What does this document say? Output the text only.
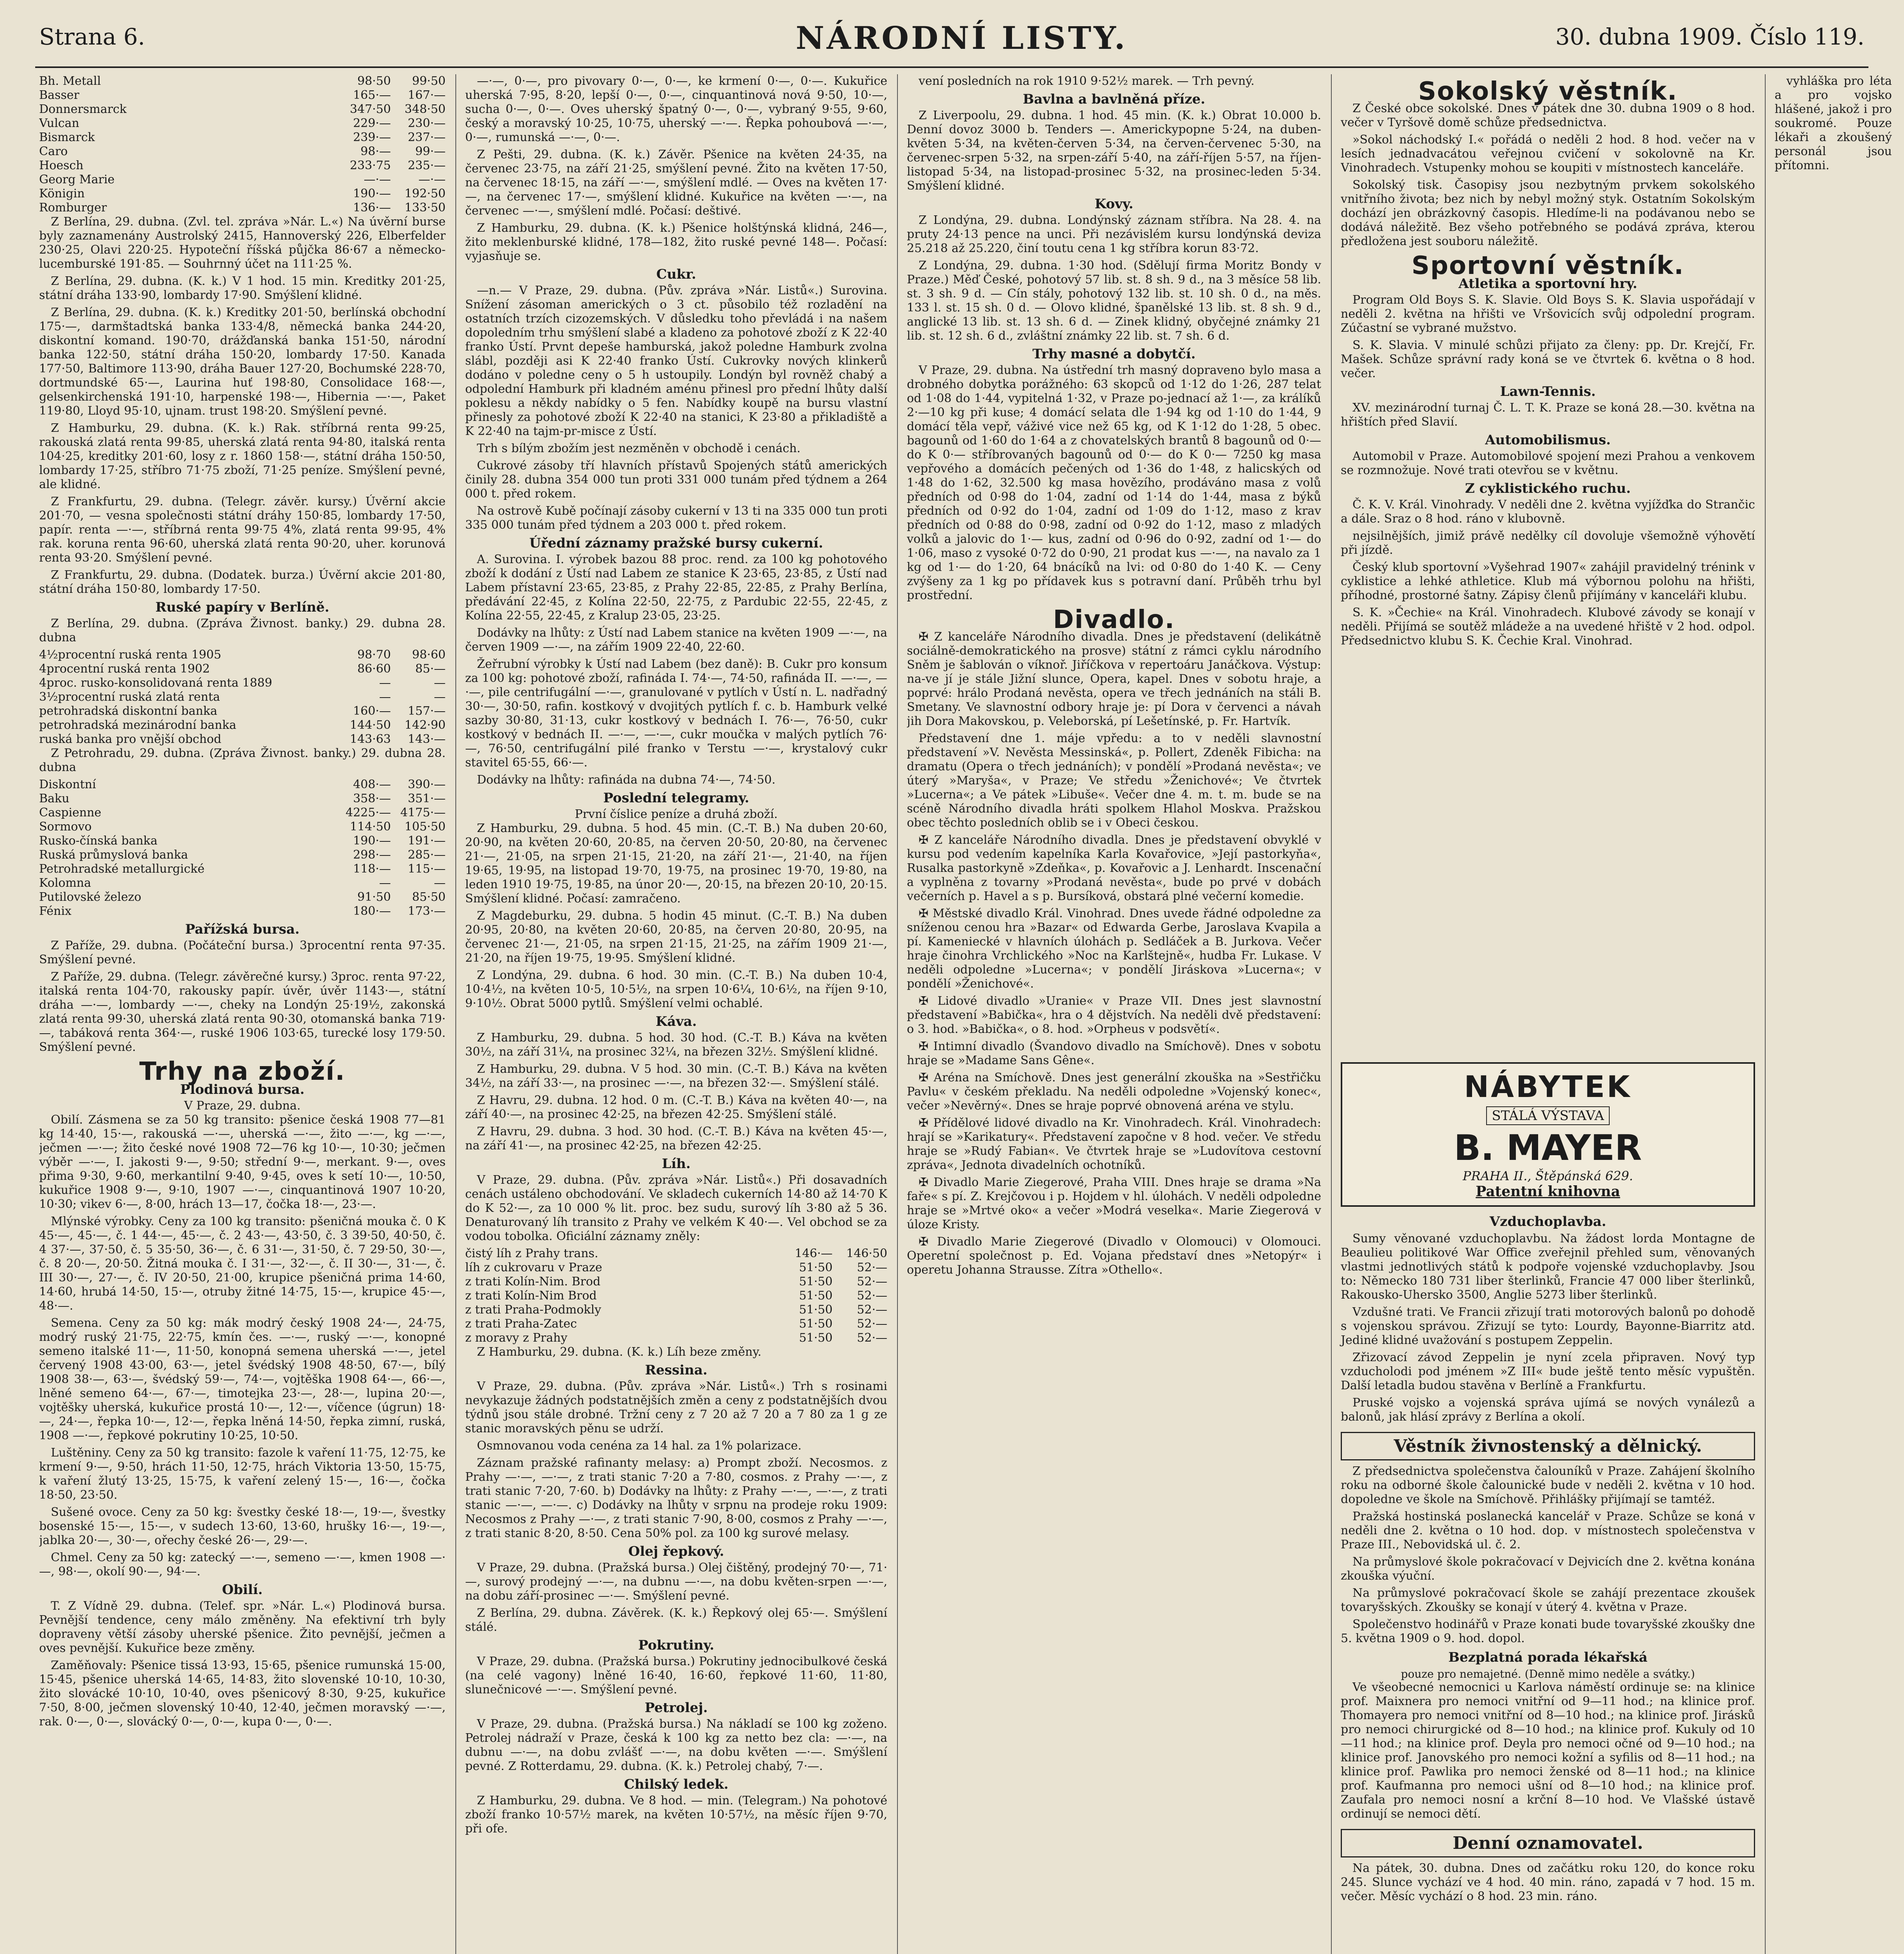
Strana 6.	NÁRODNÍ LISTY.	30. dubna 1909. Číslo 119.
Bh. Metall	98·50	99·50
Basser	165·—	167·—
Donnersmarck	347·50	348·50
Vulcan	229·—	230·—
Bismarck	239·—	237·—
Caro	98·—	99·—
Hoesch	233·75	235·—
Georg Marie	—·—	—·—
Königin	190·—	192·50
Romburger	136·—	133·50

Z Berlína, 29. dubna. (Zvl. tel. zpráva »Nár. L.«) Na úvěrní burse byly zaznamenány Austrolský 2415, Hannoverský 226, Elberfelder 230·25, Olavi 220·25. Hypoteční říšská půjčka 86·67 a německo-lucemburské 191·85. — Souhrnný účet na 111·25 %.

Z Berlína, 29. dubna. (K. k.) V 1 hod. 15 min. Kreditky 201·25, státní dráha 133·90, lombardy 17·90. Smýšlení klidné.

Z Berlína, 29. dubna. (K. k.) Kreditky 201·50, berlínská obchodní 175·—, darmštadtská banka 133·4/8, německá banka 244·20, diskontní komand. 190·70, drážďanská banka 151·50, národní banka 122·50, státní dráha 150·20, lombardy 17·50. Kanada 177·50, Baltimore 113·90, dráha Bauer 127·20, Bochumské 228·70, dortmundské 65·—, Laurina huť 198·80, Consolidace 168·—, gelsenkirchenská 191·10, harpenské 198·—, Hibernia —·—, Paket 119·80, Lloyd 95·10, ujnam. trust 198·20. Smýšlení pevné.

Z Hamburku, 29. dubna. (K. k.) Rak. stříbrná renta 99·25, rakouská zlatá renta 99·85, uherská zlatá renta 94·80, italská renta 104·25, kreditky 201·60, losy z r. 1860 158·—, státní dráha 150·50, lombardy 17·25, stříbro 71·75 zboží, 71·25 peníze. Smýšlení pevné, ale klidné.

Z Frankfurtu, 29. dubna. (Telegr. závěr. kursy.) Úvěrní akcie 201·70, — vesna společnosti státní dráhy 150·85, lombardy 17·50, papír. renta —·—, stříbrná renta 99·75 4%, zlatá renta 99·95, 4% rak. koruna renta 96·60, uherská zlatá renta 90·20, uher. korunová renta 93·20. Smýšlení pevné.

Z Frankfurtu, 29. dubna. (Dodatek. burza.) Úvěrní akcie 201·80, státní dráha 150·80, lombardy 17·50.

Ruské papíry v Berlíně.

Z Berlína, 29. dubna. (Zpráva Živnost. banky.) 29. dubna 28. dubna

4½procentní ruská renta 1905	98·70	98·60
4procentní ruská renta 1902	86·60	85·—
4proc. rusko-konsolidovaná renta 1889	—	—
3½procentní ruská zlatá renta	—	—
petrohradská diskontní banka	160·—	157·—
petrohradská mezinárodní banka	144·50	142·90
ruská banka pro vnější obchod	143·63	143·—

Z Petrohradu, 29. dubna. (Zpráva Živnost. banky.) 29. dubna 28. dubna

Diskontní	408·—	390·—
Baku	358·—	351·—
Caspienne	4225·— 4175·—
Sormovo	114·50	105·50
Rusko-čínská banka	190·—	191·—
Ruská průmyslová banka	298·—	285·—
Petrohradské metallurgické	118·—	115·—
Kolomna	—	—
Putilovské železo	91·50	85·50
Fénix	180·—	173·—
Pařížská bursa.

Z Paříže, 29. dubna. (Počáteční bursa.) 3procentní renta 97·35. Smýšlení pevné.

Z Paříže, 29. dubna. (Telegr. závěrečné kursy.) 3proc. renta 97·22, italská renta 104·70, rakousky papír. úvěr, úvěr 1143·—, státní dráha —·—, lombardy —·—, cheky na Londýn 25·19½, zakonská zlatá renta 99·30, uherská zlatá renta 90·30, otomanská banka 719·—, tabáková renta 364·—, ruské 1906 103·65, turecké losy 179·50. Smýšlení pevné.

Trhy na zboží.
Plodinová bursa.
V Praze, 29. dubna.

Obilí. Zásmena se za 50 kg transito: pšenice česká 1908 77—81 kg 14·40, 15·—, rakouská —·—, uherská —·—, žito —·—, kg —·—, ječmen —·—; žito české nové 1908 72—76 kg 10·—, 10·30; ječmen výběr —·—, I. jakosti 9·—, 9·50; střední 9·—, merkant. 9·—, oves přima 9·30, 9·60, merkantilní 9·40, 9·45, oves k setí 10·—, 10·50, kukuřice 1908 9·—, 9·10, 1907 —·—, cinquantinová 1907 10·20, 10·30; vikev 6·—, 8·00, hrách 13—17, čočka 18·—, 23·—.

Mlýnské výrobky. Ceny za 100 kg transito: pšeničná mouka č. 0 K 45·—, 45·—, č. 1 44·—, 45·—, č. 2 43·—, 43·50, č. 3 39·50, 40·50, č. 4 37·—, 37·50, č. 5 35·50, 36·—, č. 6 31·—, 31·50, č. 7 29·50, 30·—, č. 8 20·—, 20·50. Žitná mouka č. I 31·—, 32·—, č. II 30·—, 31·—, č. III 30·—, 27·—, č. IV 20·50, 21·00, krupice pšeničná prima 14·60, 14·60, hrubá 14·50, 15·—, otruby žitné 14·75, 15·—, krupice 45·—, 48·—.

Semena. Ceny za 50 kg: mák modrý český 1908 24·—, 24·75, modrý ruský 21·75, 22·75, kmín čes. —·—, ruský —·—, konopné semeno italské 11·—, 11·50, konopná semena uherská —·—, jetel červený 1908 43·00, 63·—, jetel švédský 1908 48·50, 67·—, bílý 1908 38·—, 63·—, švédský 59·—, 74·—, vojtěška 1908 64·—, 66·—, lněné semeno 64·—, 67·—, timotejka 23·—, 28·—, lupina 20·—, vojtěšky uherská, kukuřice prostá 10·—, 12·—, víčence (úgrun) 18·—, 24·—, řepka 10·—, 12·—, řepka lněná 14·50, řepka zimní, ruská, 1908 —·—, řepkové pokrutiny 10·25, 10·50.

Luštěniny. Ceny za 50 kg transito: fazole k vaření 11·75, 12·75, ke krmení 9·—, 9·50, hrách 11·50, 12·75, hrách Viktoria 13·50, 15·75, k vaření žlutý 13·25, 15·75, k vaření zelený 15·—, 16·—, čočka 18·50, 23·50.

Sušené ovoce. Ceny za 50 kg: švestky české 18·—, 19·—, švestky bosenské 15·—, 15·—, v sudech 13·60, 13·60, hrušky 16·—, 19·—, jablka 20·—, 30·—, ořechy české 26·—, 29·—.

Chmel. Ceny za 50 kg: zatecký —·—, semeno —·—, kmen 1908 —·—, 98·—, okolí 90·—, 94·—.

Obilí.

T. Z Vídně 29. dubna. (Telef. spr. »Nár. L.«) Plodinová bursa. Pevnější tendence, ceny málo změněny. Na efektivní trh byly dopraveny větší zásoby uherské pšenice. Žito pevnější, ječmen a oves pevnější. Kukuřice beze změny.

Zaměňovaly: Pšenice tissá 13·93, 15·65, pšenice rumunská 15·00, 15·45, pšenice uherská 14·65, 14·83, žito slovenské 10·10, 10·30, žito slovácké 10·10, 10·40, oves pšenicový 8·30, 9·25, kukuřice 7·50, 8·00, ječmen slovenský 10·40, 12·40, ječmen moravský —·—, rak. 0·—, 0·—, slovácký 0·—, 0·—, kupa 0·—, 0·—.

—·—, 0·—, pro pivovary 0·—, 0·—, ke krmení 0·—, 0·—. Kukuřice uherská 7·95, 8·20, lepší 0·—, 0·—, cinquantinová nová 9·50, 10·—, sucha 0·—, 0·—. Oves uherský špatný 0·—, 0·—, vybraný 9·55, 9·60, český a moravský 10·25, 10·75, uherský —·—. Řepka pohoubová —·—, 0·—, rumunská —·—, 0·—.

Z Pešti, 29. dubna. (K. k.) Závěr. Pšenice na květen 24·35, na červenec 23·75, na září 21·25, smýšlení pevné. Žito na květen 17·50, na červenec 18·15, na září —·—, smýšlení mdlé. — Oves na květen 17·—, na červenec 17·—, smýšlení klidné. Kukuřice na květen —·—, na červenec —·—, smýšlení mdlé. Počasí: deštivé.

Z Hamburku, 29. dubna. (K. k.) Pšenice holštýnská klidná, 246—, žito meklenburské klidné, 178—182, žito ruské pevné 148—. Počasí: vyjasňuje se.

Cukr.

—n.— V Praze, 29. dubna. (Pův. zpráva »Nár. Listů«.) Surovina. Snížení zásoman amerických o 3 ct. působilo též rozladění na ostatních trzích cizozemských. V důsledku toho převládá i na našem dopoledním trhu smýšlení slabé a kladeno za pohotové zboží z K 22·40 franko Ústí. Prvnt depeše hamburská, jakož poledne Hamburk zvolna slábl, později asi K 22·40 franko Ústí. Cukrovky nových klinkerů dodáno v poledne ceny o 5 h ustoupily. Londýn byl rovněž chabý a odpolední Hamburk při kladném aménu přinesl pro přední lhůty další poklesu a někdy nabídky o 5 fen. Nabídky koupě na bursu vlastní přinesly za pohotové zboží K 22·40 na stanici, K 23·80 a přikladiště a K 22·40 na tajm-pr-misce z Ústí.

Trh s bílým zbožím jest nezměněn v obchodě i cenách.

Cukrové zásoby tří hlavních přístavů Spojených států amerických činily 28. dubna 354 000 tun proti 331 000 tunám před týdnem a 264 000 t. před rokem.

Na ostrově Kubě počínají zásoby cukerní v 13 ti na 335 000 tun proti 335 000 tunám před týdnem a 203 000 t. před rokem.

Úřední záznamy pražské bursy cukerní.

A. Surovina. I. výrobek bazou 88 proc. rend. za 100 kg pohotového zboží k dodání z Ústí nad Labem ze stanice K 23·65, 23·85, z Ústí nad Labem přístavní 23·65, 23·85, z Prahy 22·85, 22·85, z Prahy Berlína, předávání 22·45, z Kolína 22·50, 22·75, z Pardubic 22·55, 22·45, z Kolína 22·55, 22·45, z Kralup 23·05, 23·25.

Dodávky na lhůty: z Ústí nad Labem stanice na květen 1909 —·—, na červen 1909 —·—, na zářím 1909 22·40, 22·60.

Žeřrubní výrobky k Ústí nad Labem (bez daně): B. Cukr pro konsum za 100 kg: pohotové zboží, rafináda I. 74·—, 74·50, rafináda II. —·—, —·—, pile centrifugální —·—, granulované v pytlích v Ústí n. L. nadřadný 30·—, 30·50, rafin. kostkový v dvojitých pytlích f. c. b. Hamburk velké sazby 30·80, 31·13, cukr kostkový v bednách I. 76·—, 76·50, cukr kostkový v bednách II. —·—, —·—, cukr moučka v malých pytlích 76·—, 76·50, centrifugální pilé franko v Terstu —·—, krystalový cukr stavitel 65·55, 66·—.

Dodávky na lhůty: rafináda na dubna 74·—, 74·50.

Poslední telegramy.
První číslice peníze a druhá zboží.

Z Hamburku, 29. dubna. 5 hod. 45 min. (C.-T. B.) Na duben 20·60, 20·90, na květen 20·60, 20·85, na červen 20·50, 20·80, na červenec 21·—, 21·05, na srpen 21·15, 21·20, na září 21·—, 21·40, na říjen 19·65, 19·95, na listopad 19·70, 19·75, na prosinec 19·70, 19·80, na leden 1910 19·75, 19·85, na únor 20·—, 20·15, na březen 20·10, 20·15. Smýšlení klidné. Počasí: zamračeno.

Z Magdeburku, 29. dubna. 5 hodin 45 minut. (C.-T. B.) Na duben 20·95, 20·80, na květen 20·60, 20·85, na červen 20·80, 20·95, na červenec 21·—, 21·05, na srpen 21·15, 21·25, na zářím 1909 21·—, 21·20, na říjen 19·75, 19·95. Smýšlení klidné.

Z Londýna, 29. dubna. 6 hod. 30 min. (C.-T. B.) Na duben 10·4, 10·4½, na květen 10·5, 10·5½, na srpen 10·6¼, 10·6½, na říjen 9·10, 9·10½. Obrat 5000 pytlů. Smýšlení velmi ochablé.

Káva.

Z Hamburku, 29. dubna. 5 hod. 30 hod. (C.-T. B.) Káva na květen 30½, na září 31¼, na prosinec 32¼, na březen 32½. Smýšlení klidné.

Z Hamburku, 29. dubna. V 5 hod. 30 min. (C.-T. B.) Káva na květen 34½, na září 33·—, na prosinec —·—, na březen 32·—. Smýšlení stálé.

Z Havru, 29. dubna. 12 hod. 0 m. (C.-T. B.) Káva na květen 40·—, na září 40·—, na prosinec 42·25, na březen 42·25. Smýšlení stálé.

Z Havru, 29. dubna. 3 hod. 30 hod. (C.-T. B.) Káva na květen 45·—, na září 41·—, na prosinec 42·25, na březen 42·25.

Líh.

V Praze, 29. dubna. (Pův. zpráva »Nár. Listů«.) Při dosavadních cenách ustáleno obchodování. Ve skladech cukerních 14·80 až 14·70 K do K 52·—, za 10 000 % lit. proc. bez sudu, surový líh 3·80 až 5 36. Denaturovaný líh transito z Prahy ve velkém K 40·—. Vel obchod se za vodou tobolka. Oficiální záznamy zněly:

čistý líh z Prahy trans.	146·—	146·50
líh z cukrovaru v Praze	51·50	52·—
z trati Kolín-Nim. Brod	51·50	52·—
z trati Kolín-Nim Brod	51·50	52·—
z trati Praha-Podmokly	51·50	52·—
z trati Praha-Zatec	51·50	52·—
z moravy z Prahy	51·50	52·—

Z Hamburku, 29. dubna. (K. k.) Líh beze změny.

Ressina.

V Praze, 29. dubna. (Pův. zpráva »Nár. Listů«.) Trh s rosinami nevykazuje žádných podstatnějších změn a ceny z podstatnějších dvou týdnů jsou stále drobné. Tržní ceny z 7 20 až 7 20 a 7 80 za 1 g ze stanic moravských pěnu se udrží.

Osmnovanou voda cenéna za 14 hal. za 1% polarizace.

Záznam pražské rafinanty melasy: a) Prompt zboží. Necosmos. z Prahy —·—, —·—, z trati stanic 7·20 a 7·80, cosmos. z Prahy —·—, z trati stanic 7·20, 7·60. b) Dodávky na lhůty: z Prahy —·—, —·—, z trati stanic —·—, —·—. c) Dodávky na lhůty v srpnu na prodeje roku 1909: Necosmos z Prahy —·—, z trati stanic 7·90, 8·00, cosmos z Prahy —·—, z trati stanic 8·20, 8·50. Cena 50% pol. za 100 kg surové melasy.

Olej řepkový.

V Praze, 29. dubna. (Pražská bursa.) Olej čištěný, prodejný 70·—, 71·—, surový prodejný —·—, na dubnu —·—, na dobu květen-srpen —·—, na dobu září-prosinec —·—. Smýšlení pevné.

Z Berlína, 29. dubna. Závěrek. (K. k.) Řepkový olej 65·—. Smýšlení stálé.

Pokrutiny.

V Praze, 29. dubna. (Pražská bursa.) Pokrutiny jednocibulkové česká (na celé vagony) lněné 16·40, 16·60, řepkové 11·60, 11·80, slunečnicové —·—. Smýšlení pevné.

Petrolej.

V Praze, 29. dubna. (Pražská bursa.) Na nákladí se 100 kg zoženo. Petrolej nádraží v Praze, česká k 100 kg za netto bez cla: —·—, na dubnu —·—, na dobu zvlášť —·—, na dobu květen —·—. Smýšlení pevné. Z Rotterdamu, 29. dubna. (K. k.) Petrolej chabý, 7·—.

Chilský ledek.

Z Hamburku, 29. dubna. Ve 8 hod. — min. (Telegram.) Na pohotové zboží franko 10·57½ marek, na květen 10·57½, na měsíc říjen 9·70, při ofe.

vení posledních na rok 1910 9·52½ marek. — Trh pevný.

Bavlna a bavlněná příze.

Z Liverpoolu, 29. dubna. 1 hod. 45 min. (K. k.) Obrat 10.000 b. Denní dovoz 3000 b. Tenders —. Americkypopne 5·24, na duben-květen 5·34, na květen-červen 5·34, na červen-červenec 5·30, na červenec-srpen 5·32, na srpen-září 5·40, na září-říjen 5·57, na říjen-listopad 5·34, na listopad-prosinec 5·32, na prosinec-leden 5·34. Smýšlení klidné.

Kovy.

Z Londýna, 29. dubna. Londýnský záznam stříbra. Na 28. 4. na pruty 24·13 pence na unci. Při nezávislém kursu londýnská deviza 25.218 až 25.220, činí toutu cena 1 kg stříbra korun 83·72.

Z Londýna, 29. dubna. 1·30 hod. (Sdělují firma Moritz Bondy v Praze.) Měď České, pohotový 57 lib. st. 8 sh. 9 d., na 3 měsíce 58 lib. st. 3 sh. 9 d. — Cín stály, pohotový 132 lib. st. 10 sh. 0 d., na měs. 133 l. st. 15 sh. 0 d. — Olovo klidné, španělské 13 lib. st. 8 sh. 9 d., anglické 13 lib. st. 13 sh. 6 d. — Zinek klidný, obyčejné známky 21 lib. st. 12 sh. 6 d., zvláštní známky 22 lib. st. 7 sh. 6 d.

Trhy masné a dobytčí.

V Praze, 29. dubna. Na ústřední trh masný dopraveno bylo masa a drobného dobytka porážného: 63 skopců od 1·12 do 1·26, 287 telat od 1·08 do 1·44, vypitelná 1·32, v Praze po-jednací až 1·—, za králíků 2·—10 kg při kuse; 4 domácí selata dle 1·94 kg od 1·10 do 1·44, 9 domácí těla vepř, váživé vice než 65 kg, od K 1·12 do 1·28, 5 obec. bagounů od 1·60 do 1·64 a z chovatelských brantů 8 bagounů od 0·— do K 0·— stříbrovaných bagounů od 0·— do K 0·— 7250 kg masa vepřového a domácích pečených od 1·36 do 1·48, z halicských od 1·48 do 1·62, 32.500 kg masa hovězího, prodáváno masa z volů předních od 0·98 do 1·04, zadní od 1·14 do 1·44, masa z býků předních od 0·92 do 1·04, zadní od 1·09 do 1·12, maso z krav předních od 0·88 do 0·98, zadní od 0·92 do 1·12, maso z mladých volků a jalovic do 1·— kus, zadní od 0·96 do 0·92, zadní od 1·— do 1·06, maso z vysoké 0·72 do 0·90, 21 prodat kus —·—, na navalo za 1 kg od 1·— do 1·20, 64 bnácíků na lvi: od 0·80 do 1·40 K. — Ceny zvýšeny za 1 kg po přídavek kus s potravní daní. Průběh trhu byl prostřední.

Divadlo.

✠ Z kanceláře Národního divadla. Dnes je představení (delikátně sociálně-demokratického na prosve) státní z rámci cyklu národního Sněm je šablován o víknoř. Jiříčkova v repertoáru Janáčkova. Výstup: na-ve jí je stále Jižní slunce, Opera, kapel. Dnes v sobotu hraje, a poprvé: hrálo Prodaná nevěsta, opera ve třech jednáních na stáli B. Smetany. Ve slavnostní odbory hraje je: pí Dora v červenci a návah jih Dora Makovskou, p. Veleborská, pí Lešetínské, p. Fr. Hartvík.

Představení dne 1. máje vpředu: a to v neděli slavnostní představení »V. Nevěsta Messinská«, p. Pollert, Zdeněk Fibicha: na dramatu (Opera o třech jednáních); v pondělí »Prodaná nevěsta«; ve úterý »Maryša«, v Praze; Ve středu »Ženichové«; Ve čtvrtek »Lucerna«; a Ve pátek »Libuše«. Večer dne 4. m. t. m. bude se na scéně Národního divadla hráti spolkem Hlahol Moskva. Pražskou obec těchto posledních oblib se i v Obeci českou.

✠ Z kanceláře Národního divadla. Dnes je představení obvyklé v kursu pod vedením kapelníka Karla Kovařovice, »Její pastorkyňa«, Rusalka pastorkyně »Zdeňka«, p. Kovařovic a J. Lenhardt. Inscenační a vyplněna z tovarny »Prodaná nevěsta«, bude po prvé v dobách večerních p. Havel a s p. Bursíková, obstará plné večerní komedie.

✠ Městské divadlo Král. Vinohrad. Dnes uvede řádné odpoledne za sníženou cenou hra »Bazar« od Edwarda Gerbe, Jaroslava Kvapila a pí. Kameniecké v hlavních úlohách p. Sedláček a B. Jurkova. Večer hraje činohra Vrchlického »Noc na Karlštejně«, hudba Fr. Lukase. V neděli odpoledne »Lucerna«; v pondělí Jiráskova »Lucerna«; v pondělí »Ženichové«.

✠ Lidové divadlo »Uranie« v Praze VII. Dnes jest slavnostní představení »Babička«, hra o 4 dějstvích. Na neděli dvě představení: o 3. hod. »Babička«, o 8. hod. »Orpheus v podsvětí«.

✠ Intimní divadlo (Švandovo divadlo na Smíchově). Dnes v sobotu hraje se »Madame Sans Gêne«.

✠ Aréna na Smíchově. Dnes jest generální zkouška na »Sestřičku Pavlu« v českém překladu. Na neděli odpoledne »Vojenský konec«, večer »Nevěrný«. Dnes se hraje poprvé obnovená aréna ve stylu.

✠ Přídělové lidové divadlo na Kr. Vinohradech. Král. Vinohradech: hrají se »Karikatury«. Představení započne v 8 hod. večer. Ve středu hraje se »Rudý Fabian«. Ve čtvrtek hraje se »Ludovítova cestovní zpráva«, Jednota divadelních ochotníků.

✠ Divadlo Marie Ziegerové, Praha VIII. Dnes hraje se drama »Na faře« s pí. Z. Krejčovou i p. Hojdem v hl. úlohách. V neděli odpoledne hraje se »Mrtvé oko« a večer »Modrá veselka«. Marie Ziegerová v úloze Kristy.

✠ Divadlo Marie Ziegerové (Divadlo v Olomouci) v Olomouci. Operetní společnost p. Ed. Vojana představí dnes »Netopýr« i operetu Johanna Strausse. Zítra »Othello«.

Sokolský věstník.

Z České obce sokolské. Dnes v pátek dne 30. dubna 1909 o 8 hod. večer v Tyršově domě schůze předsednictva.

»Sokol náchodský I.« pořádá o neděli 2 hod. 8 hod. večer na v lesích jednadvacátou veřejnou cvičení v sokolovně na Kr. Vinohradech. Vstupenky mohou se koupiti v místnostech kanceláře.

Sokolský tisk. Časopisy jsou nezbytným prvkem sokolského vnitřního života; bez nich by nebyl možný styk. Ostatním Sokolským dochází jen obrázkovný časopis. Hledíme-li na podávanou nebo se dodává náležitě. Bez všeho potřebného se podává zpráva, kterou předložena jest souboru náležitě.

Sportovní věstník.
Atletika a sportovní hry.

Program Old Boys S. K. Slavie. Old Boys S. K. Slavia uspořádají v neděli 2. května na hřišti ve Vršovicích svůj odpolední program. Zúčastní se vybrané mužstvo.

S. K. Slavia. V minulé schůzi přijato za členy: pp. Dr. Krejčí, Fr. Mašek. Schůze správní rady koná se ve čtvrtek 6. května o 8 hod. večer.

Lawn-Tennis.

XV. mezinárodní turnaj Č. L. T. K. Praze se koná 28.—30. května na hřištích před Slavií.

Automobilismus.

Automobil v Praze. Automobilové spojení mezi Prahou a venkovem se rozmnožuje. Nové trati otevřou se v květnu.

Z cyklistického ruchu.

Č. K. V. Král. Vinohrady. V neděli dne 2. května vyjížďka do Strančic a dále. Sraz o 8 hod. ráno v klubovně.

nejsilnějších, jimiž právě nedělky cíl dovoluje všemožně výhovětí při jízdě.

Český klub sportovní »Vyšehrad 1907« zahájil pravidelný trénink v cyklistice a lehké athletice. Klub má výbornou polohu na hřišti, příhodné, prostorné šatny. Zápisy členů přijímány v kanceláři klubu.

S. K. »Čechie« na Král. Vinohradech. Klubové závody se konají v neděli. Přijímá se soutěž mládeže a na uvedené hřiště v 2 hod. odpol. Předsednictvo klubu S. K. Čechie Kral. Vinohrad.

vyhláška pro léta a pro vojsko hlášené, jakož i pro soukromé. Pouze lékaři a zkoušený personál jsou přítomni.

NÁBYTEK
STÁLÁ VÝSTAVA
B. MAYER
PRAHA II., Štěpánská 629.
Patentní knihovna
Vzduchoplavba.

Sumy věnované vzduchoplavbu. Na žádost lorda Montagne de Beaulieu politikové War Office zveřejnil přehled sum, věnovaných vlastmi jednotlivých států k podpoře vojenské vzduchoplavby. Jsou to: Německo 180 731 liber šterlinků, Francie 47 000 liber šterlinků, Rakousko-Uhersko 3500, Anglie 5273 liber šterlinků.

Vzdušné trati. Ve Francii zřizují trati motorových balonů po dohodě s vojenskou správou. Zřizují se tyto: Lourdy, Bayonne-Biarritz atd. Jediné klidné uvažování s postupem Zeppelin.

Zřizovací závod Zeppelin je nyní zcela připraven. Nový typ vzducholodi pod jménem »Z III« bude ještě tento měsíc vypuštěn. Další letadla budou stavěna v Berlíně a Frankfurtu.

Pruské vojsko a vojenská správa ujímá se nových vynálezů a balonů, jak hlásí zprávy z Berlína a okolí.

Věstník živnostenský a dělnický.

Z předsednictva společenstva čalouníků v Praze. Zahájení školního roku na odborné škole čalounické bude v neděli 2. května v 10 hod. dopoledne ve škole na Smíchově. Přihlášky přijímají se tamtéž.

Pražská hostinská poslanecká kancelář v Praze. Schůze se koná v neděli dne 2. května o 10 hod. dop. v místnostech společenstva v Praze III., Nebovidská ul. č. 2.

Na průmyslové škole pokračovací v Dejvicích dne 2. května konána zkouška výuční.

Na průmyslové pokračovací škole se zahájí prezentace zkoušek tovaryšských. Zkoušky se konají v úterý 4. května v Praze.

Společenstvo hodinářů v Praze konati bude tovaryšské zkoušky dne 5. května 1909 o 9. hod. dopol.

Bezplatná porada lékařská
pouze pro nemajetné. (Denně mimo neděle a svátky.)

Ve všeobecné nemocnici u Karlova náměstí ordinuje se: na klinice prof. Maixnera pro nemoci vnitřní od 9—11 hod.; na klinice prof. Thomayera pro nemoci vnitřní od 8—10 hod.; na klinice prof. Jirásků pro nemoci chirurgické od 8—10 hod.; na klinice prof. Kukuly od 10—11 hod.; na klinice prof. Deyla pro nemoci očné od 9—10 hod.; na klinice prof. Janovského pro nemoci kožní a syfilis od 8—11 hod.; na klinice prof. Pawlika pro nemoci ženské od 8—11 hod.; na klinice prof. Kaufmanna pro nemoci ušní od 8—10 hod.; na klinice prof. Zaufala pro nemoci nosní a krční 8—10 hod. Ve Vlašské ústavě ordinují se nemoci dětí.

Denní oznamovatel.

Na pátek, 30. dubna. Dnes od začátku roku 120, do konce roku 245. Slunce vychází ve 4 hod. 40 min. ráno, zapadá v 7 hod. 15 m. večer. Měsíc vychází o 8 hod. 23 min. ráno.
